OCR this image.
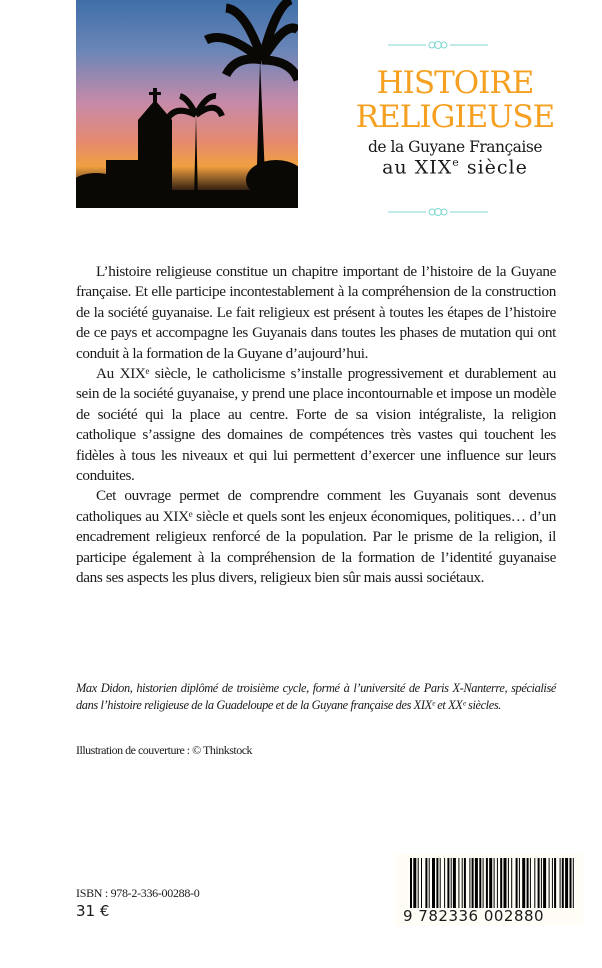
HISTOIRE
RELIGIEUSE
de la Guyane Française
au XIXe siècle

L’histoire religieuse constitue un chapitre important de l’histoire de la Guyane française. Et elle participe incontestablement à la compréhension de la construction de la société guyanaise. Le fait religieux est présent à toutes les étapes de l’histoire de ce pays et accompagne les Guyanais dans toutes les phases de mutation qui ont conduit à la formation de la Guyane d’aujourd’hui.

Au XIXᵉ siècle, le catholicisme s’installe progressivement et durablement au sein de la société guyanaise, y prend une place incontournable et impose un modèle de société qui la place au centre. Forte de sa vision intégraliste, la religion catholique s’assigne des domaines de compétences très vastes qui touchent les fidèles à tous les niveaux et qui lui permettent d’exercer une influence sur leurs conduites.

Cet ouvrage permet de comprendre comment les Guyanais sont devenus catholiques au XIXᵉ siècle et quels sont les enjeux économiques, politiques… d’un encadrement religieux renforcé de la population. Par le prisme de la religion, il participe également à la compréhension de la formation de l’identité guyanaise dans ses aspects les plus divers, religieux bien sûr mais aussi sociétaux.

Max Didon, historien diplômé de troisième cycle, formé à l’université de Paris X-Nanterre, spécialisé dans l’histoire religieuse de la Guadeloupe et de la Guyane française des XIXᵉ et XXᵉ siècles.
Illustration de couverture : © Thinkstock
ISBN : 978-2-336-00288-0
31 €	9 782336 002880
